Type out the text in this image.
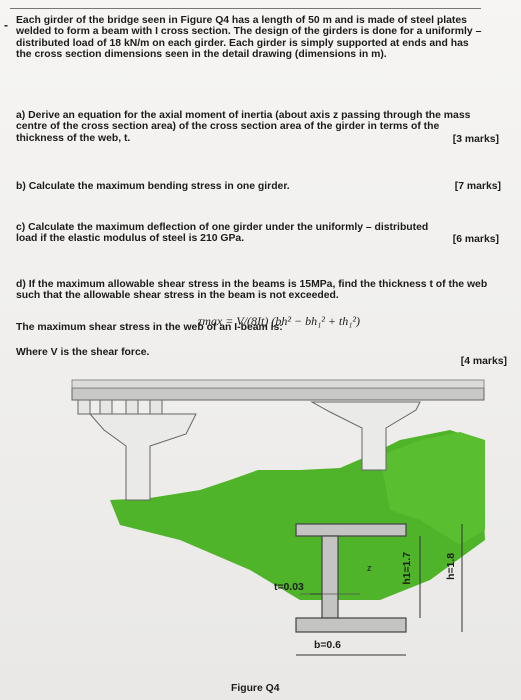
- Each girder of the bridge seen in Figure Q4 has a length of 50 m and is made of steel plates welded to form a beam with I cross section. The design of the girders is done for a uniformly – distributed load of 18 kN/m on each girder. Each girder is simply supported at ends and has the cross section dimensions seen in the detail drawing (dimensions in m).
a) Derive an equation for the axial moment of inertia (about axis z passing through the mass centre of the cross section area) of the cross section area of the girder in terms of the thickness of the web, t.	[3 marks]
b) Calculate the maximum bending stress in one girder.	[7 marks]
c) Calculate the maximum deflection of one girder under the uniformly – distributed load if the elastic modulus of steel is 210 GPa.	[6 marks]
d) If the maximum allowable shear stress in the beams is 15MPa, find the thickness t of the web such that the allowable shear stress in the beam is not exceeded.
The maximum shear stress in the web of an I-beam is:
τmax = V/(8It) (bh² − bh₁² + th₁²)
Where V is the shear force.
[4 marks]
t=0.03
b=0.6
h1=1.7	h=1.8
z
Figure Q4
